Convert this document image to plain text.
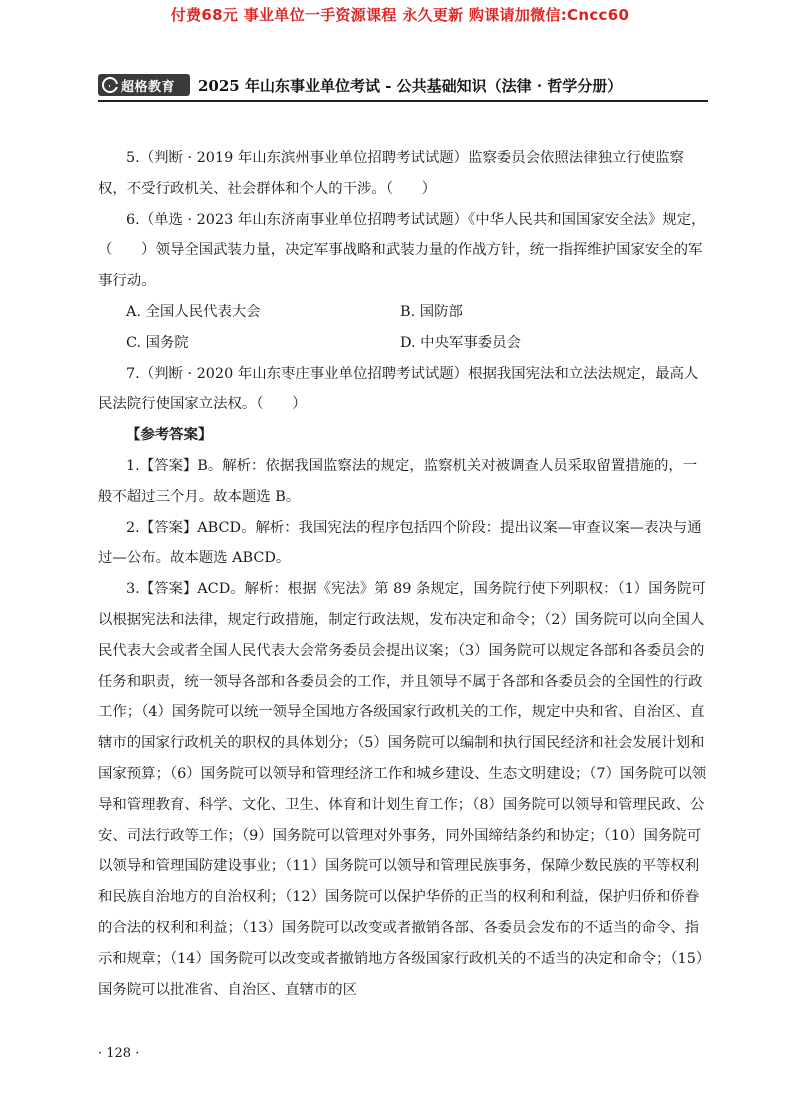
付费68元 事业单位一手资源课程 永久更新 购课请加微信:Cncc60
超格教育 2025 年山东事业单位考试 - 公共基础知识（法律 · 哲学分册）

5.（判断 · 2019 年山东滨州事业单位招聘考试试题）监察委员会依照法律独立行使监察权，不受行政机关、社会群体和个人的干涉。（　　）

6.（单选 · 2023 年山东济南事业单位招聘考试试题）《中华人民共和国国家安全法》规定，（　　）领导全国武装力量，决定军事战略和武装力量的作战方针，统一指挥维护国家安全的军事行动。

A. 全国人民代表大会	B. 国防部
C. 国务院	D. 中央军事委员会

7.（判断 · 2020 年山东枣庄事业单位招聘考试试题）根据我国宪法和立法法规定，最高人民法院行使国家立法权。（　　）

【参考答案】

1.【答案】B。解析：依据我国监察法的规定，监察机关对被调查人员采取留置措施的，一般不超过三个月。故本题选 B。

2.【答案】ABCD。解析：我国宪法的程序包括四个阶段：提出议案—审查议案—表决与通过—公布。故本题选 ABCD。

3.【答案】ACD。解析：根据《宪法》第 89 条规定，国务院行使下列职权：（1）国务院可以根据宪法和法律，规定行政措施，制定行政法规，发布决定和命令；（2）国务院可以向全国人民代表大会或者全国人民代表大会常务委员会提出议案；（3）国务院可以规定各部和各委员会的任务和职责，统一领导各部和各委员会的工作，并且领导不属于各部和各委员会的全国性的行政工作；（4）国务院可以统一领导全国地方各级国家行政机关的工作，规定中央和省、自治区、直辖市的国家行政机关的职权的具体划分；（5）国务院可以编制和执行国民经济和社会发展计划和国家预算；（6）国务院可以领导和管理经济工作和城乡建设、生态文明建设；（7）国务院可以领导和管理教育、科学、文化、卫生、体育和计划生育工作；（8）国务院可以领导和管理民政、公安、司法行政等工作；（9）国务院可以管理对外事务，同外国缔结条约和协定；（10）国务院可以领导和管理国防建设事业；（11）国务院可以领导和管理民族事务，保障少数民族的平等权利和民族自治地方的自治权利；（12）国务院可以保护华侨的正当的权利和利益，保护归侨和侨眷的合法的权利和利益；（13）国务院可以改变或者撤销各部、各委员会发布的不适当的命令、指示和规章；（14）国务院可以改变或者撤销地方各级国家行政机关的不适当的决定和命令；（15）国务院可以批准省、自治区、直辖市的区

· 128 ·
